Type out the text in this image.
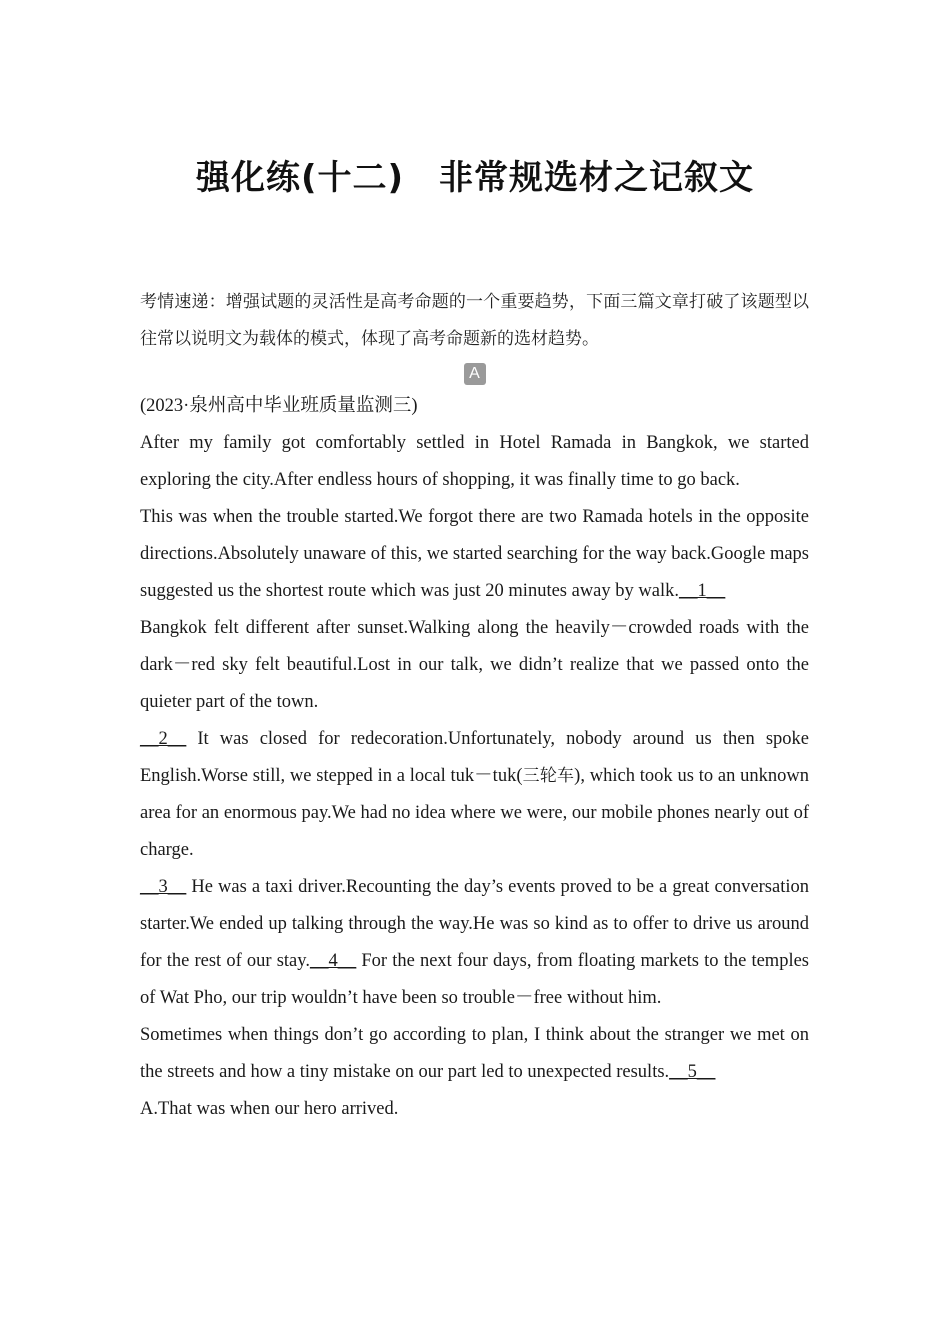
强化练(十二)　非常规选材之记叙文

考情速递：增强试题的灵活性是高考命题的一个重要趋势，下面三篇文章打破了该题型以往常以说明文为载体的模式，体现了高考命题新的选材趋势。

A

(2023·泉州高中毕业班质量监测三)

After my family got comfortably settled in Hotel Ramada in Bangkok, we started exploring the city.After endless hours of shopping, it was finally time to go back.

This was when the trouble started.We forgot there are two Ramada hotels in the opposite directions.Absolutely unaware of this, we started searching for the way back.Google maps suggested us the shortest route which was just 20 minutes away by walk.__1__

Bangkok felt different after sunset.Walking along the heavily－crowded roads with the dark－red sky felt beautiful.Lost in our talk, we didn’t realize that we passed onto the quieter part of the town.

__2__ It was closed for redecoration.Unfortunately, nobody around us then spoke English.Worse still, we stepped in a local tuk－tuk(三轮车), which took us to an unknown area for an enormous pay.We had no idea where we were, our mobile phones nearly out of charge.

__3__ He was a taxi driver.Recounting the day’s events proved to be a great conversation starter.We ended up talking through the way.He was so kind as to offer to drive us around for the rest of our stay.__4__ For the next four days, from floating markets to the temples of Wat Pho, our trip wouldn’t have been so trouble－free without him.

Sometimes when things don’t go according to plan, I think about the stranger we met on the streets and how a tiny mistake on our part led to unexpected results.__5__

A.That was when our hero arrived.
